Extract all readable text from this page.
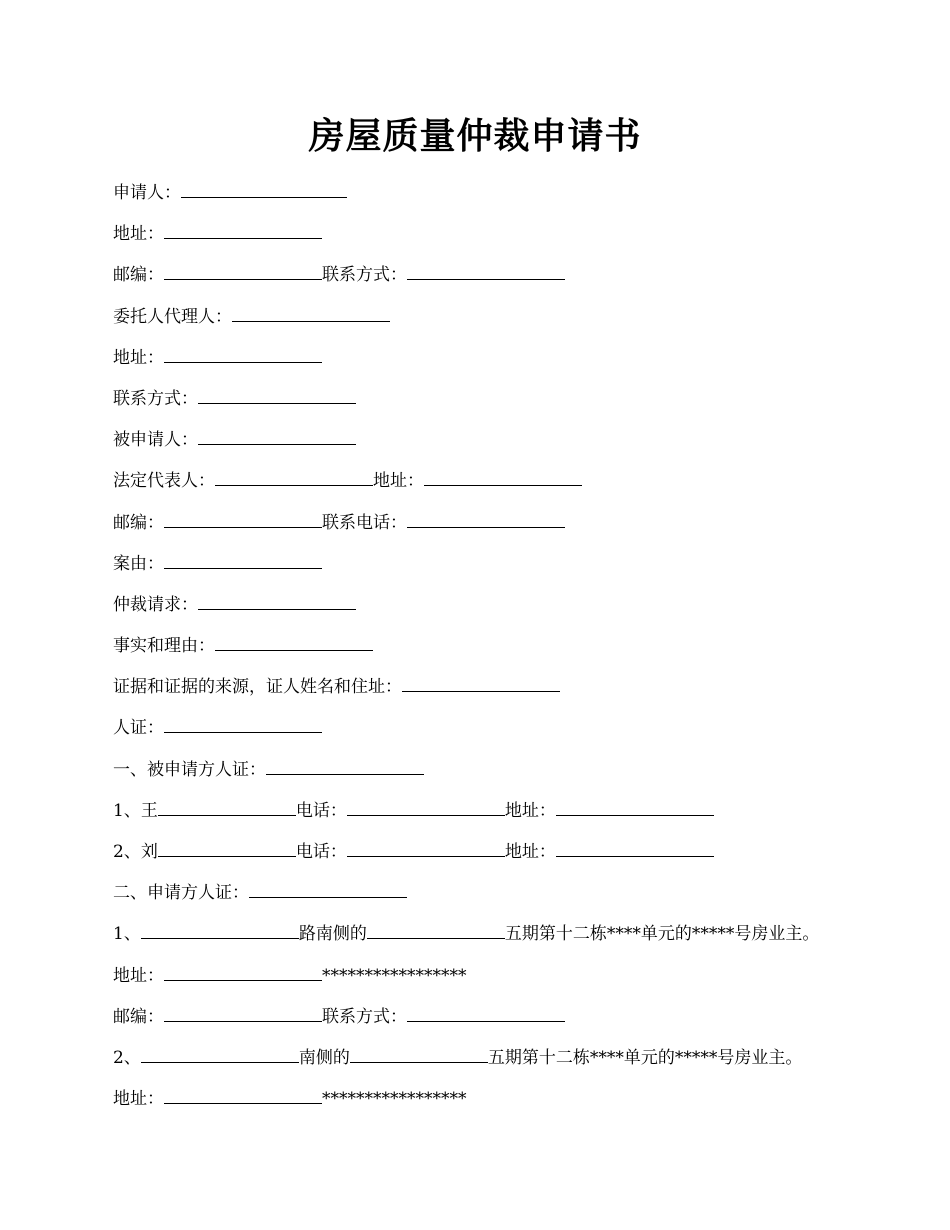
房屋质量仲裁申请书
申请人：
地址：
邮编：	联系方式：
委托人代理人：
地址：
联系方式：
被申请人：
法定代表人：	地址：
邮编：	联系电话：
案由：
仲裁请求：
事实和理由：
证据和证据的来源，证人姓名和住址：
人证：
一、被申请方人证：
1、王	电话：	地址：
2、刘	电话：	地址：
二、申请方人证：
1、	路南侧的	五期第十二栋****单元的*****号房业主。
地址：	*****************
邮编：	联系方式：
2、	南侧的	五期第十二栋****单元的*****号房业主。
地址：	*****************
